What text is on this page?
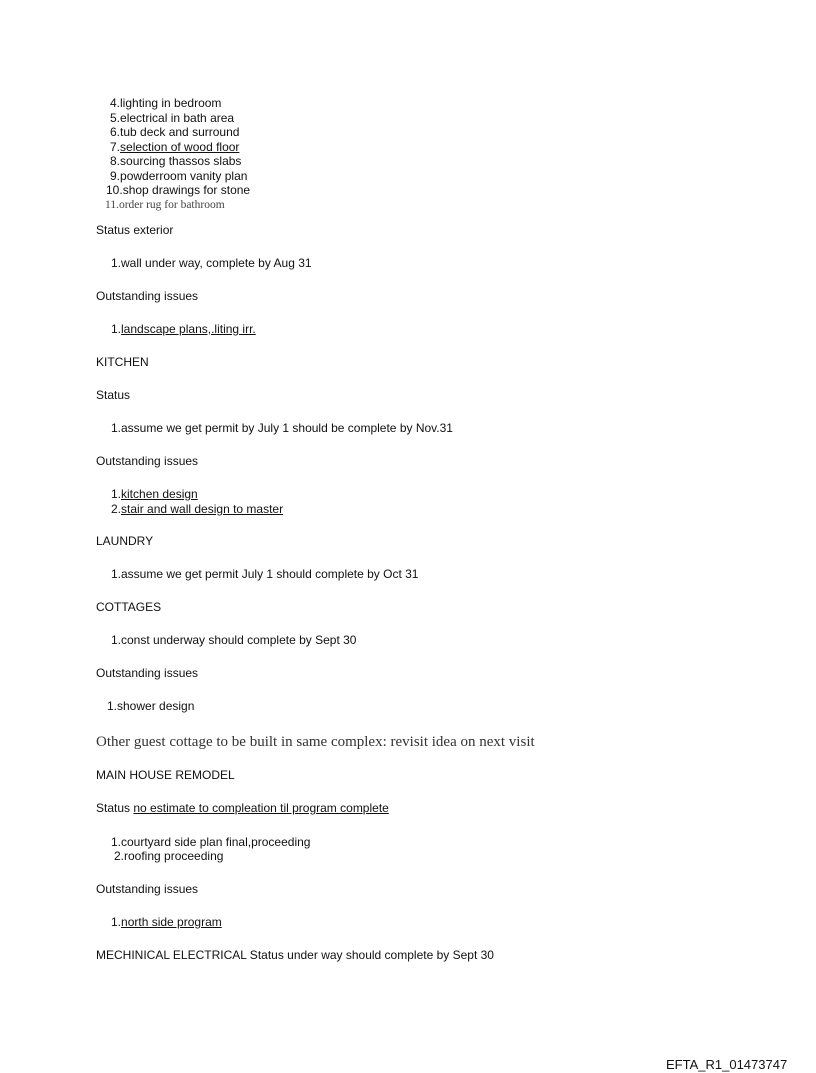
4.lighting in bedroom
5.electrical in bath area
6.tub deck and surround
7.selection of wood floor
8.sourcing thassos slabs
9.powderroom vanity plan
10.shop drawings for stone
11.order rug for bathroom
Status exterior
1.wall under way, complete by Aug 31
Outstanding issues
1.landscape plans,.liting irr.
KITCHEN
Status
1.assume we get permit by July 1 should be complete by Nov.31
Outstanding issues
1.kitchen design
2.stair and wall design to master
LAUNDRY
1.assume we get permit July 1 should complete by Oct 31
COTTAGES
1.const underway should complete by Sept 30
Outstanding issues
1.shower design
Other guest cottage to be built in same complex: revisit idea on next visit
MAIN HOUSE REMODEL
Status no estimate to compleation til program complete
1.courtyard side plan final,proceeding
2.roofing proceeding
Outstanding issues
1.north side program
MECHINICAL ELECTRICAL Status under way should complete by Sept 30
EFTA_R1_01473747
